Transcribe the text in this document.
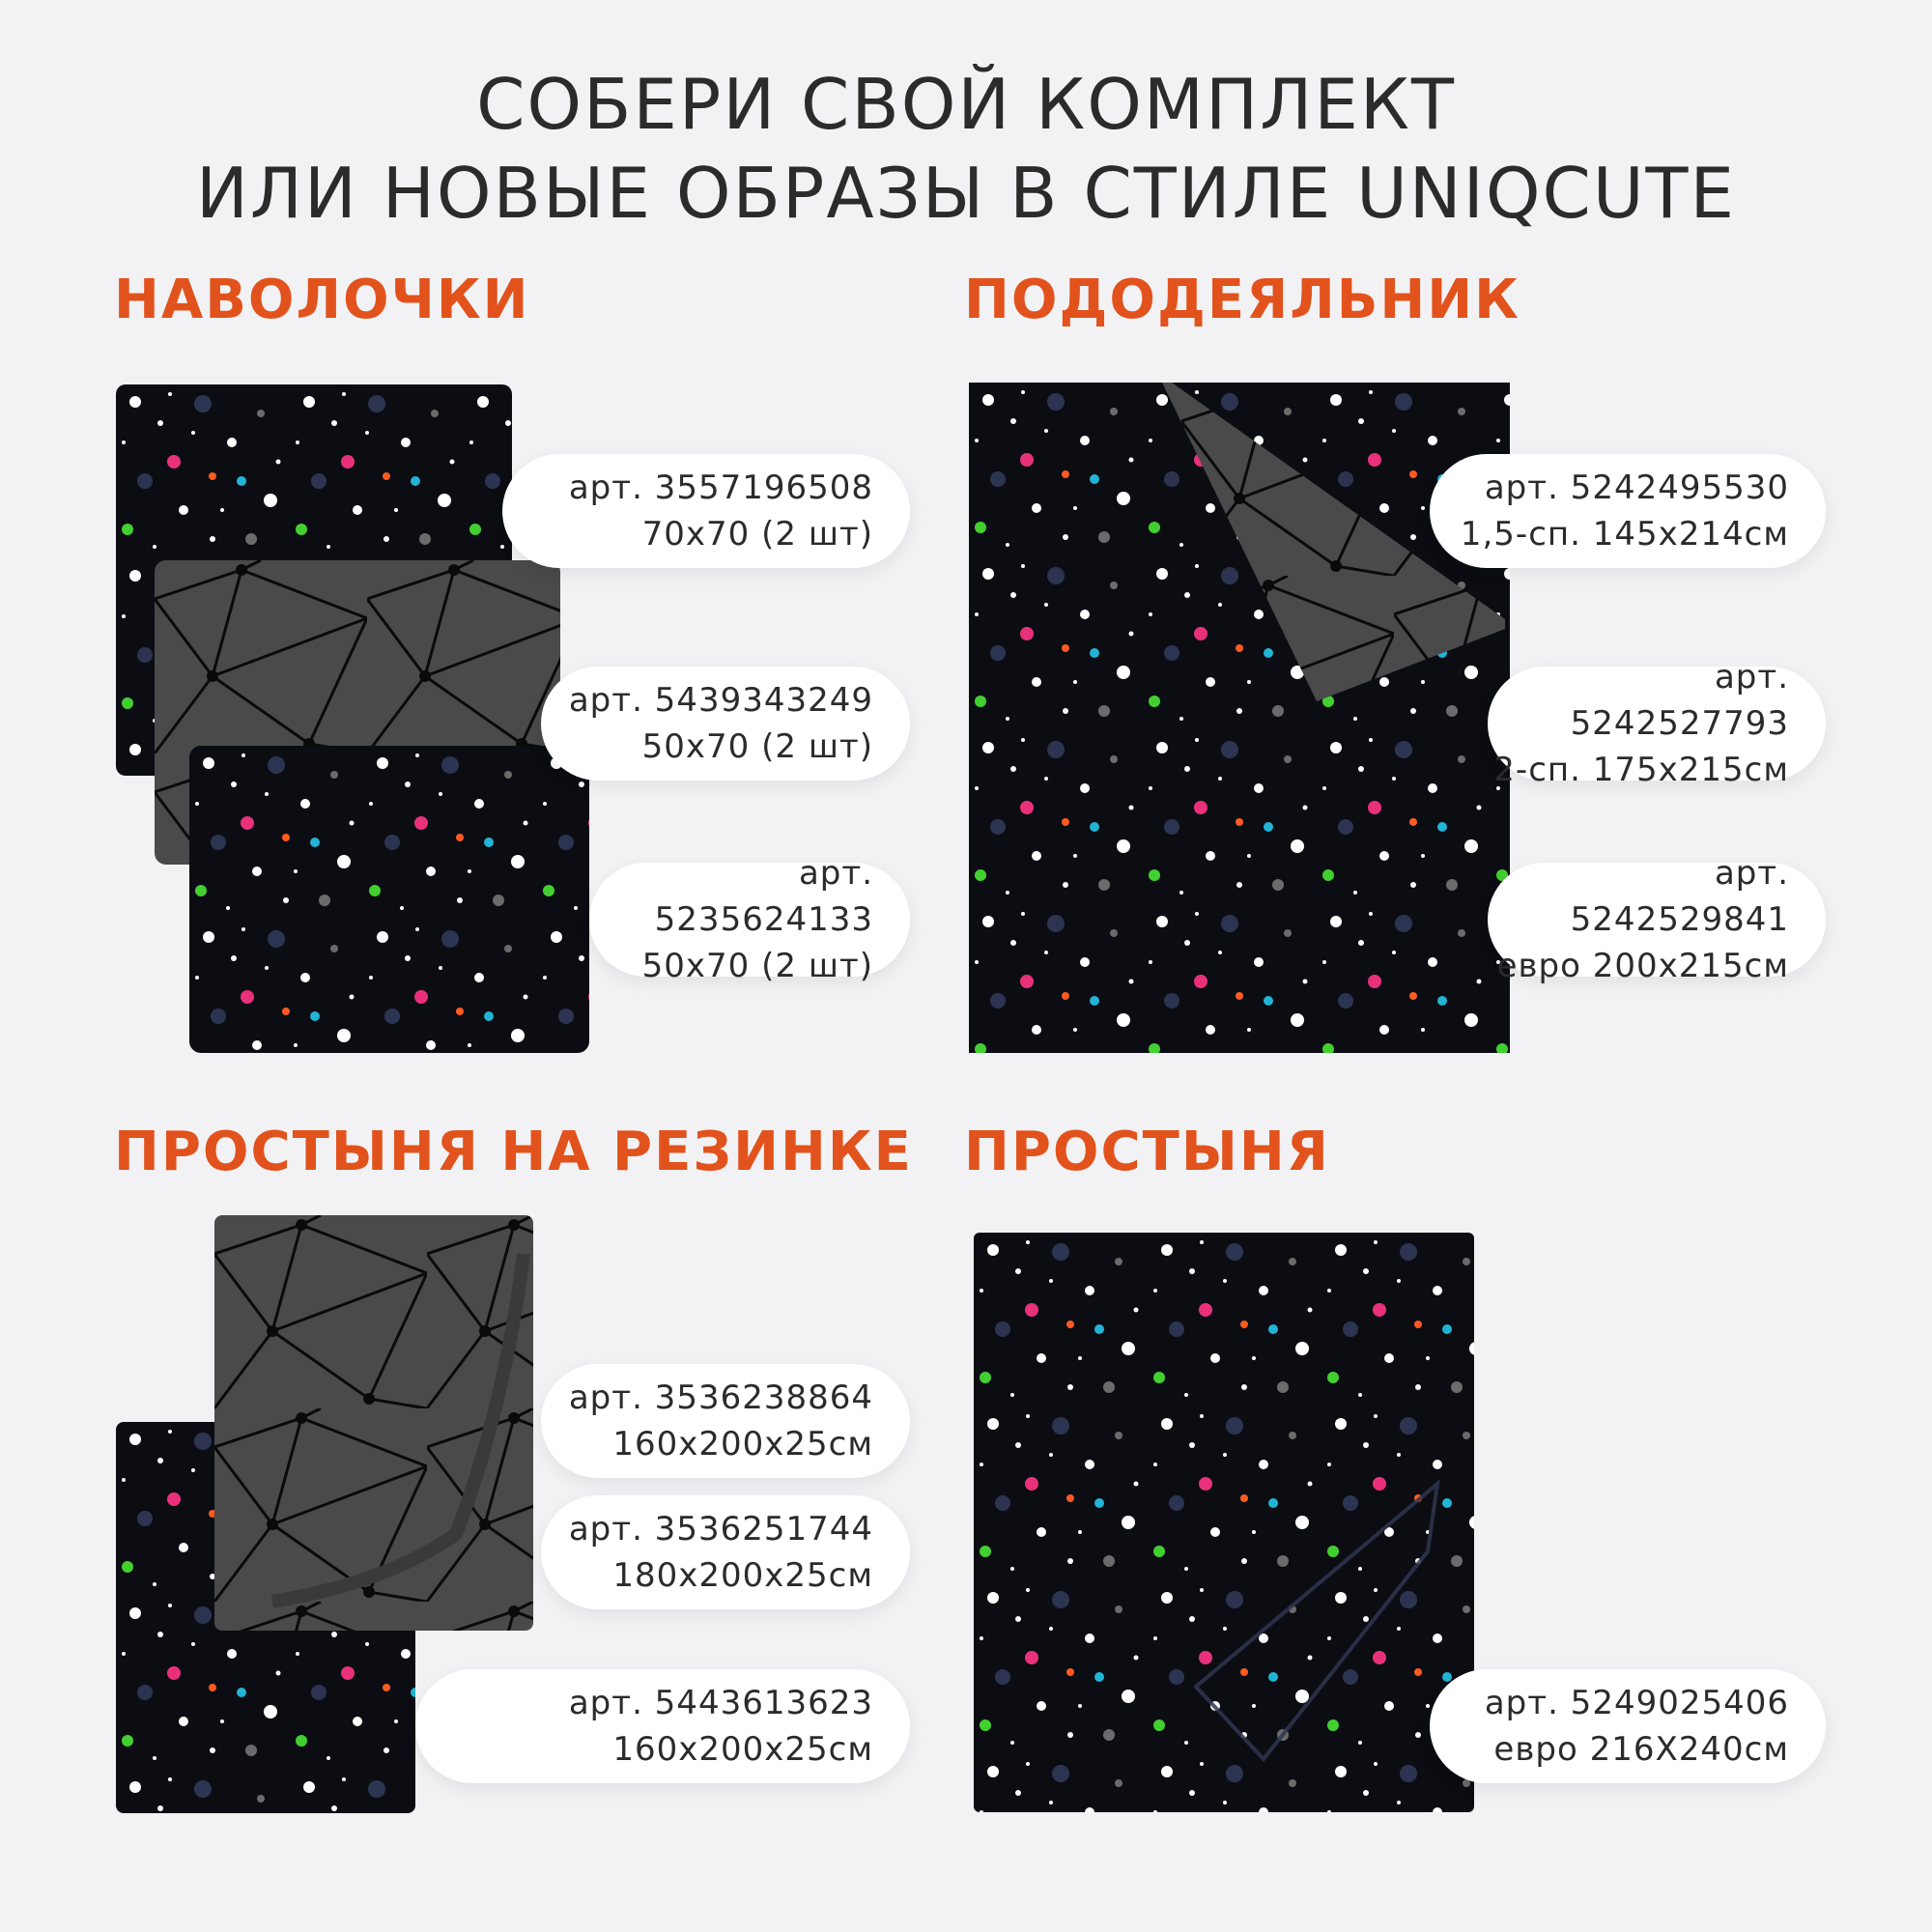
СОБЕРИ СВОЙ КОМПЛЕКТ
ИЛИ НОВЫЕ ОБРАЗЫ В СТИЛЕ UNIQCUTE
НАВОЛОЧКИ	ПОДОДЕЯЛЬНИК
ПРОСТЫНЯ НА РЕЗИНКЕ ПРОСТЫНЯ
арт. 3557196508
70х70 (2 шт)
арт. 5439343249
50х70 (2 шт)
арт. 5235624133
50х70 (2 шт)
арт. 5242495530
1,5-сп. 145х214см
арт. 5242527793
2-сп. 175х215см
арт. 5242529841
евро 200х215см
арт. 3536238864
160х200х25см
арт. 3536251744
180х200х25см
арт. 5443613623
160х200х25см
арт. 5249025406
евро 216Х240см
